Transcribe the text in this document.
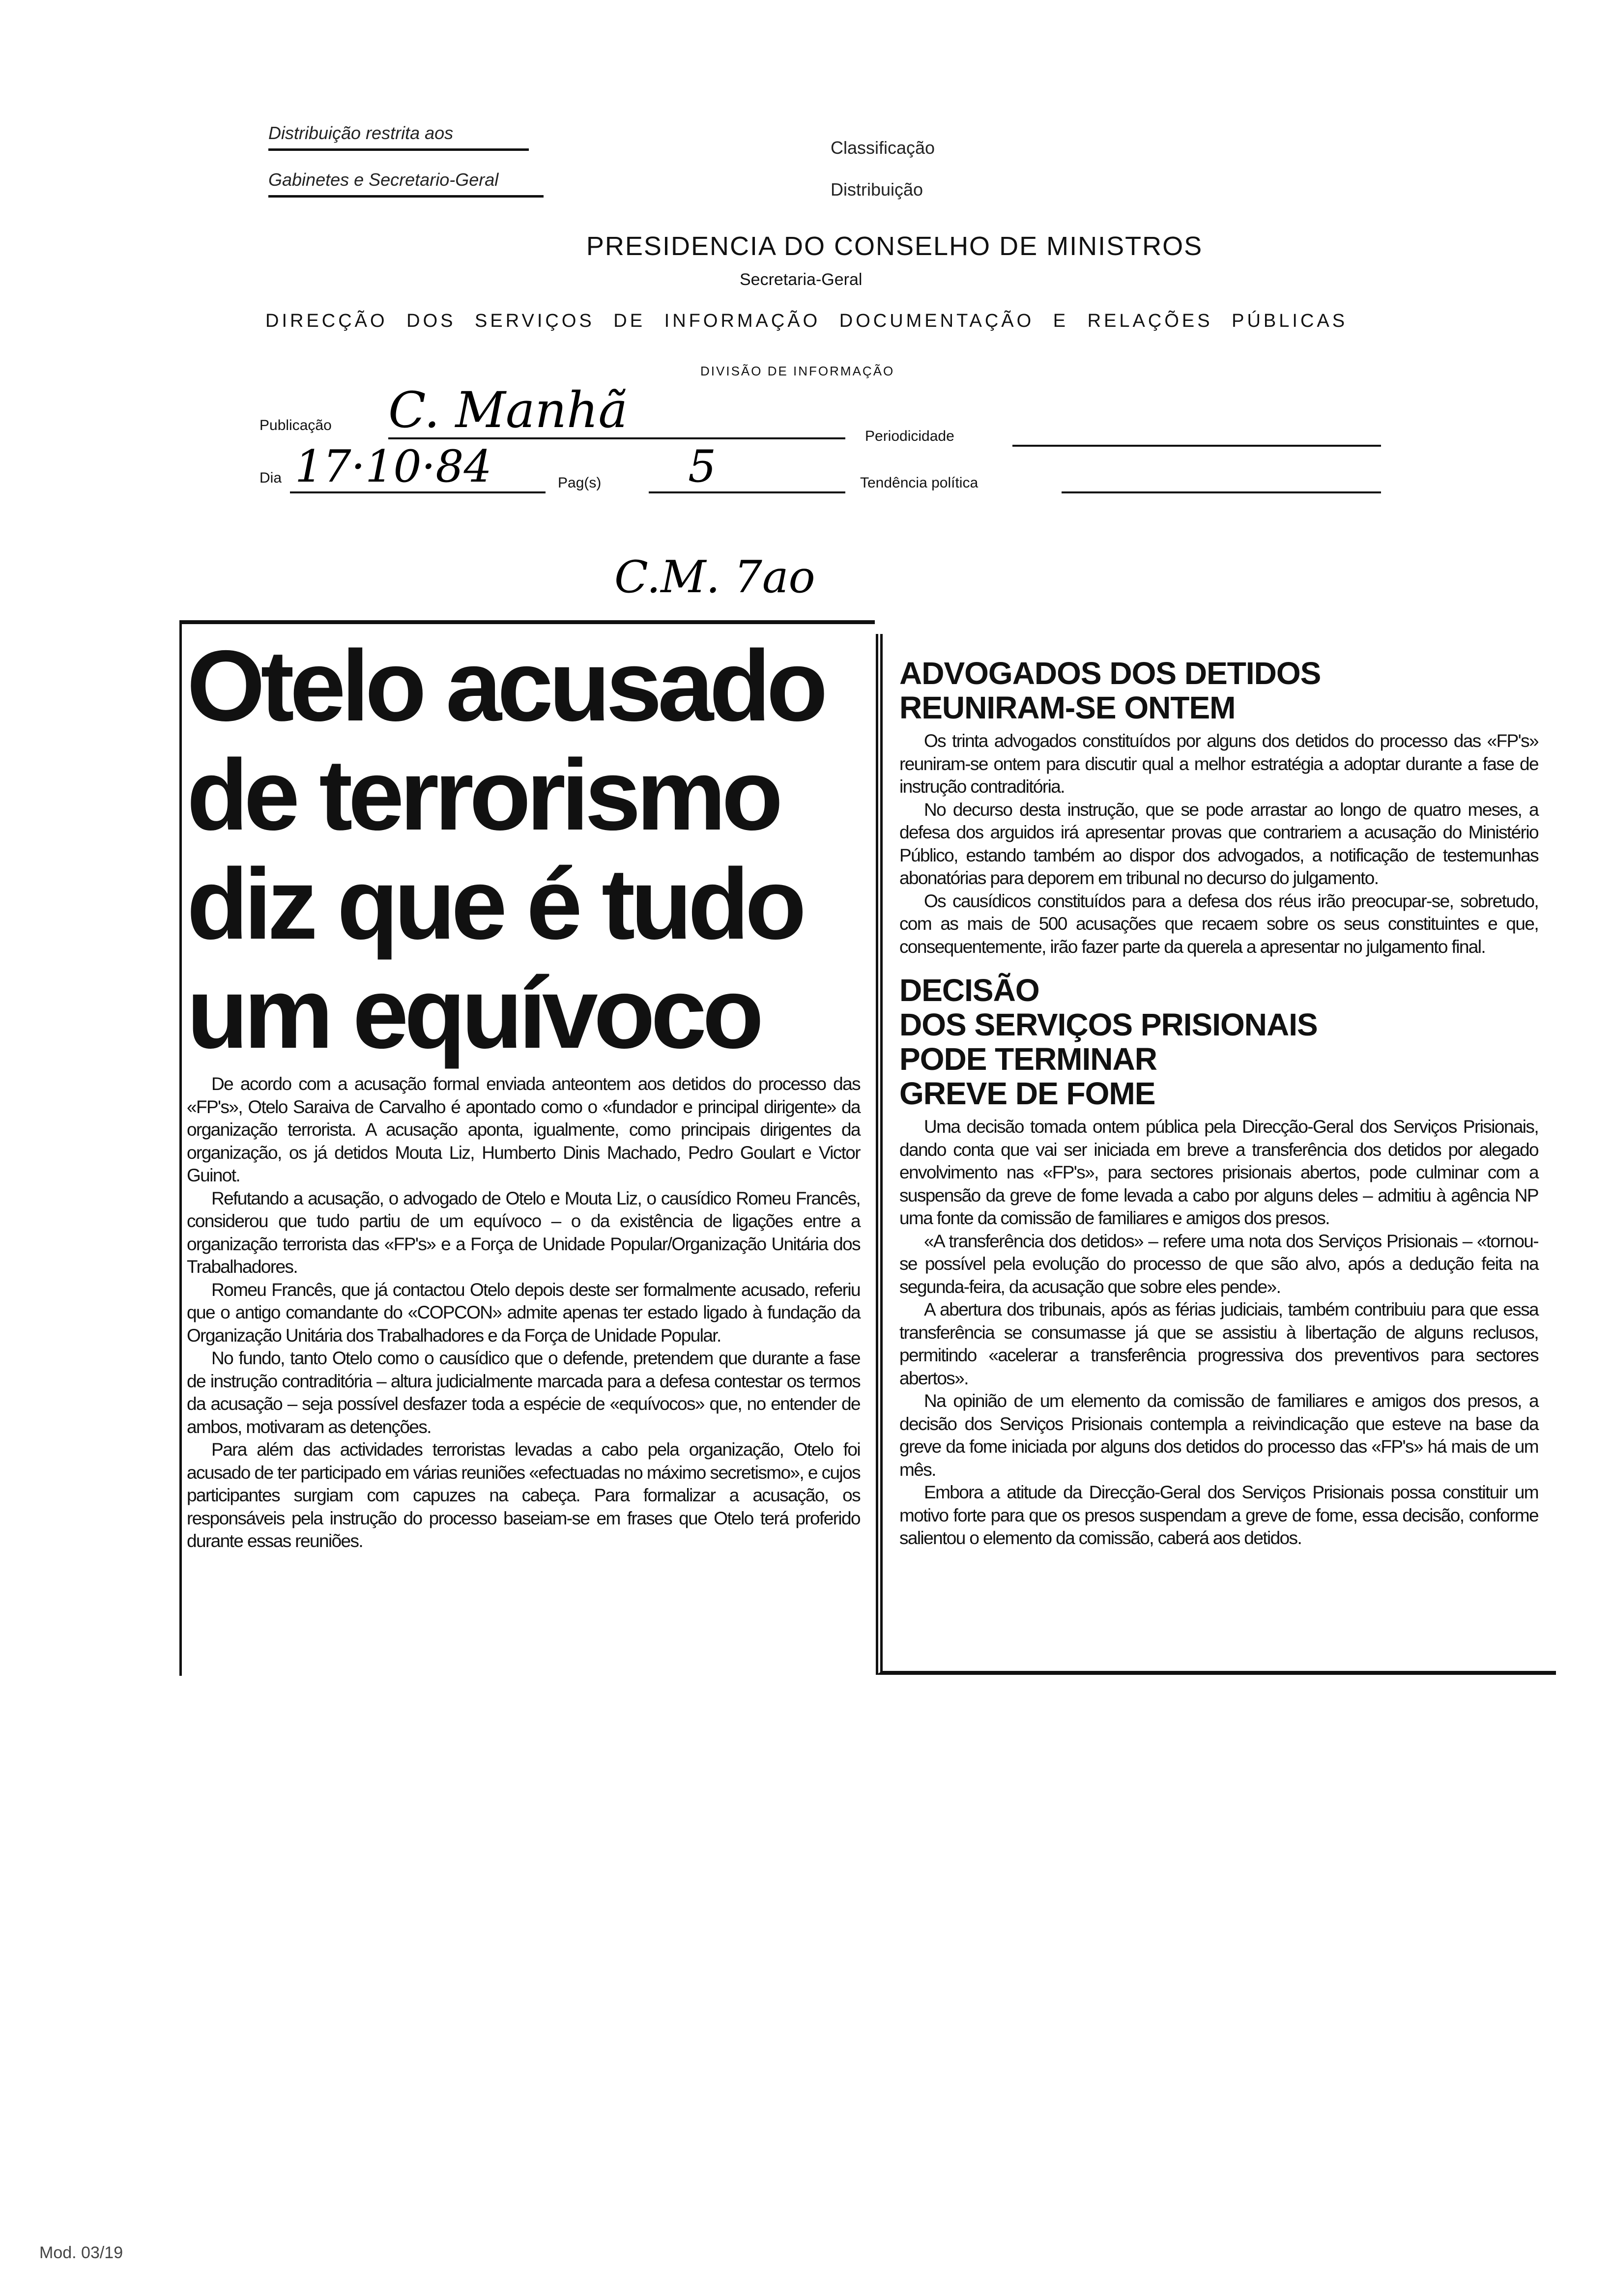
Distribuição restrita aos
Gabinetes e Secretario-Geral
Classificação
Distribuição
PRESIDENCIA DO CONSELHO DE MINISTROS
Secretaria-Geral
DIRECÇÃO DOS SERVIÇOS DE INFORMAÇÃO DOCUMENTAÇÃO E RELAÇÕES PÚBLICAS
DIVISÃO DE INFORMAÇÃO
Publicação C. Manhã	Periodicidade
Dia 17·10·84	Pag(s) 5	Tendência política
C.M. 7ao
Otelo acusado
de terrorismo
diz que é tudo
um equívoco

De acordo com a acusação formal enviada anteontem aos detidos do processo das «FP's», Otelo Saraiva de Carvalho é apontado como o «fundador e principal dirigente» da organização terrorista. A acusação aponta, igualmente, como principais dirigentes da organização, os já detidos Mouta Liz, Humberto Dinis Machado, Pedro Goulart e Victor Guinot.

Refutando a acusação, o advogado de Otelo e Mouta Liz, o causídico Romeu Francês, considerou que tudo partiu de um equívoco – o da existência de ligações entre a organização terrorista das «FP's» e a Força de Unidade Popular/Organização Unitária dos Trabalhadores.

Romeu Francês, que já contactou Otelo depois deste ser formalmente acusado, referiu que o antigo comandante do «COPCON» admite apenas ter estado ligado à fundação da Organização Unitária dos Trabalhadores e da Força de Unidade Popular.

No fundo, tanto Otelo como o causídico que o defende, pretendem que durante a fase de instrução contraditória – altura judicialmente marcada para a defesa contestar os termos da acusação – seja possível desfazer toda a espécie de «equívocos» que, no entender de ambos, motivaram as detenções.

Para além das actividades terroristas levadas a cabo pela organização, Otelo foi acusado de ter participado em várias reuniões «efectuadas no máximo secretismo», e cujos participantes surgiam com capuzes na cabeça. Para formalizar a acusação, os responsáveis pela instrução do processo baseiam-se em frases que Otelo terá proferido durante essas reuniões.

ADVOGADOS DOS DETIDOS
REUNIRAM-SE ONTEM

Os trinta advogados constituídos por alguns dos detidos do processo das «FP's» reuniram-se ontem para discutir qual a melhor estratégia a adoptar durante a fase de instrução contraditória.

No decurso desta instrução, que se pode arrastar ao longo de quatro meses, a defesa dos arguidos irá apresentar provas que contrariem a acusação do Ministério Público, estando também ao dispor dos advogados, a notificação de testemunhas abonatórias para deporem em tribunal no decurso do julgamento.

Os causídicos constituídos para a defesa dos réus irão preocupar-se, sobretudo, com as mais de 500 acusações que recaem sobre os seus constituintes e que, consequentemente, irão fazer parte da querela a apresentar no julgamento final.

DECISÃO
DOS SERVIÇOS PRISIONAIS
PODE TERMINAR
GREVE DE FOME

Uma decisão tomada ontem pública pela Direcção-Geral dos Serviços Prisionais, dando conta que vai ser iniciada em breve a transferência dos detidos por alegado envolvimento nas «FP's», para sectores prisionais abertos, pode culminar com a suspensão da greve de fome levada a cabo por alguns deles – admitiu à agência NP uma fonte da comissão de familiares e amigos dos presos.

«A transferência dos detidos» – refere uma nota dos Serviços Prisionais – «tornou-se possível pela evolução do processo de que são alvo, após a dedução feita na segunda-feira, da acusação que sobre eles pende».

A abertura dos tribunais, após as férias judiciais, também contribuiu para que essa transferência se consumasse já que se assistiu à libertação de alguns reclusos, permitindo «acelerar a transferência progressiva dos preventivos para sectores abertos».

Na opinião de um elemento da comissão de familiares e amigos dos presos, a decisão dos Serviços Prisionais contempla a reivindicação que esteve na base da greve da fome iniciada por alguns dos detidos do processo das «FP's» há mais de um mês.

Embora a atitude da Direcção-Geral dos Serviços Prisionais possa constituir um motivo forte para que os presos suspendam a greve de fome, essa decisão, conforme salientou o elemento da comissão, caberá aos detidos.

Mod. 03/19
